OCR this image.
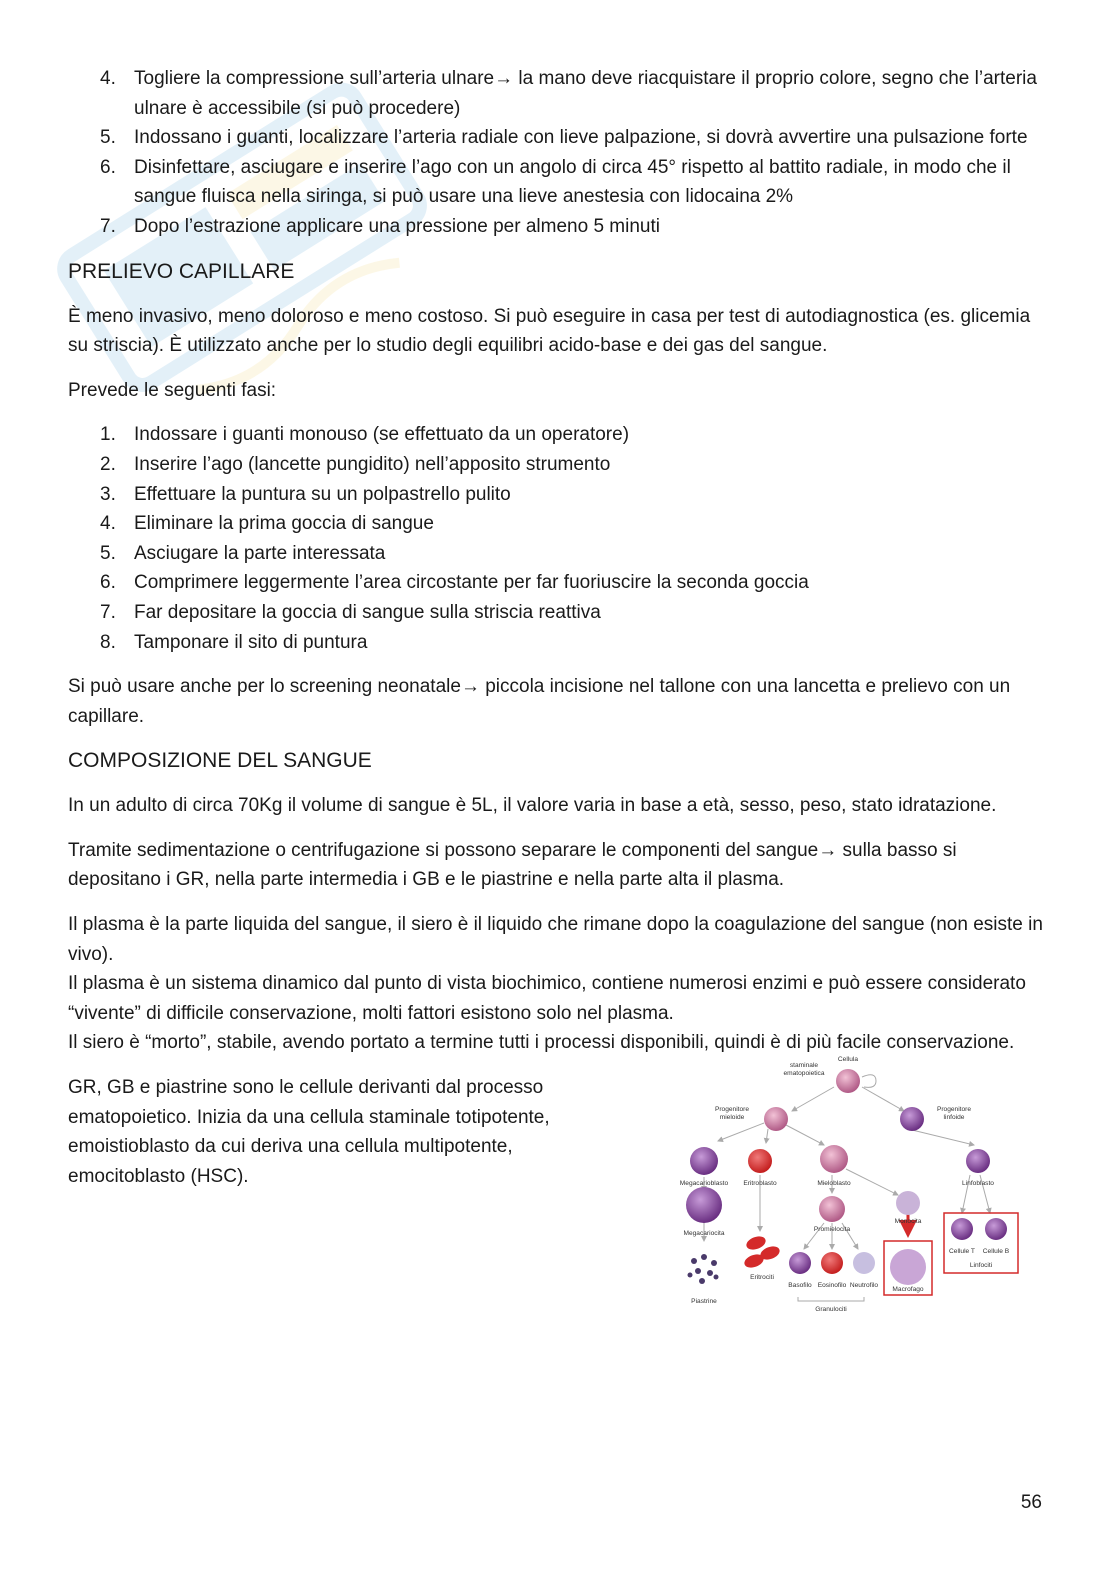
4. Togliere la compressione sull’arteria ulnare→ la mano deve riacquistare il proprio colore, segno che l’arteria ulnare è accessibile (si può procedere)
5. Indossano i guanti, localizzare l’arteria radiale con lieve palpazione, si dovrà avvertire una pulsazione forte
6. Disinfettare, asciugare e inserire l’ago con un angolo di circa 45° rispetto al battito radiale, in modo che il sangue fluisca nella siringa, si può usare una lieve anestesia con lidocaina 2%
7. Dopo l’estrazione applicare una pressione per almeno 5 minuti
PRELIEVO CAPILLARE

È meno invasivo, meno doloroso e meno costoso. Si può eseguire in casa per test di autodiagnostica (es. glicemia su striscia). È utilizzato anche per lo studio degli equilibri acido-base e dei gas del sangue.

Prevede le seguenti fasi:

1. Indossare i guanti monouso (se effettuato da un operatore)
2. Inserire l’ago (lancette pungidito) nell’apposito strumento
3. Effettuare la puntura su un polpastrello pulito
4. Eliminare la prima goccia di sangue
5. Asciugare la parte interessata
6. Comprimere leggermente l’area circostante per far fuoriuscire la seconda goccia
7. Far depositare la goccia di sangue sulla striscia reattiva
8. Tamponare il sito di puntura

Si può usare anche per lo screening neonatale→ piccola incisione nel tallone con una lancetta e prelievo con un capillare.

COMPOSIZIONE DEL SANGUE

In un adulto di circa 70Kg il volume di sangue è 5L, il valore varia in base a età, sesso, peso, stato idratazione.

Tramite sedimentazione o centrifugazione si possono separare le componenti del sangue→ sulla basso si depositano i GR, nella parte intermedia i GB e le piastrine e nella parte alta il plasma.

Il plasma è la parte liquida del sangue, il siero è il liquido che rimane dopo la coagulazione del sangue (non esiste in vivo).

Il plasma è un sistema dinamico dal punto di vista biochimico, contiene numerosi enzimi e può essere considerato “vivente” di difficile conservazione, molti fattori esistono solo nel plasma.

Il siero è “morto”, stabile, avendo portato a termine tutti i processi disponibili, quindi è di più facile conservazione.

GR, GB e piastrine sono le cellule derivanti dal processo ematopoietico. Inizia da una cellula staminale totipotente, emoistioblasto da cui deriva una cellula multipotente, emocitoblasto (HSC).

Cellula
staminale
ematopoietica
Progenitore
mieloide
Progenitore
linfoide
Megacarioblasto Eritroblasto	Mieloblasto	Linfoblasto
Megacariocita
Promielocita
Monocita
Eritrociti
Basofilo Eosinofilo Neutrofilo
Cellule T Cellule B
Linfociti
Piastrine
Granulociti
Macrofago
56
